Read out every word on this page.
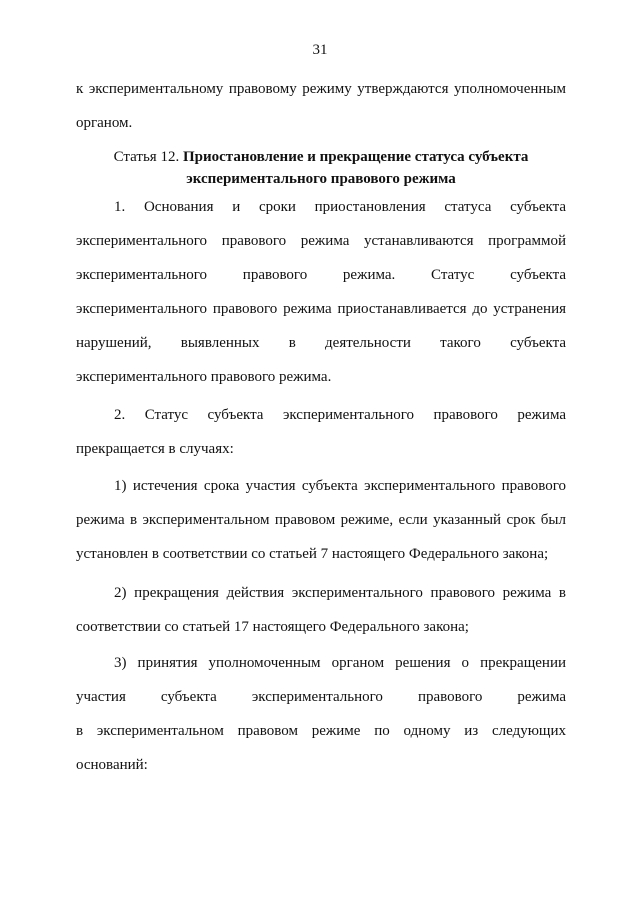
31
к экспериментальному правовому режиму утверждаются уполномоченным
органом.
Статья 12. Приостановление и прекращение статуса субъекта
экспериментального правового режима
1. Основания и сроки приостановления статуса субъекта
экспериментального правового режима устанавливаются программой
экспериментального правового режима. Статус субъекта
экспериментального правового режима приостанавливается до устранения
нарушений, выявленных в деятельности такого субъекта
экспериментального правового режима.
2. Статус субъекта экспериментального правового режима
прекращается в случаях:
1) истечения срока участия субъекта экспериментального правового
режима в экспериментальном правовом режиме, если указанный срок был
установлен в соответствии со статьей 7 настоящего Федерального закона;
2) прекращения действия экспериментального правового режима в
соответствии со статьей 17 настоящего Федерального закона;
3) принятия уполномоченным органом решения о прекращении
участия субъекта экспериментального правового режима
в экспериментальном правовом режиме по одному из следующих
оснований:
